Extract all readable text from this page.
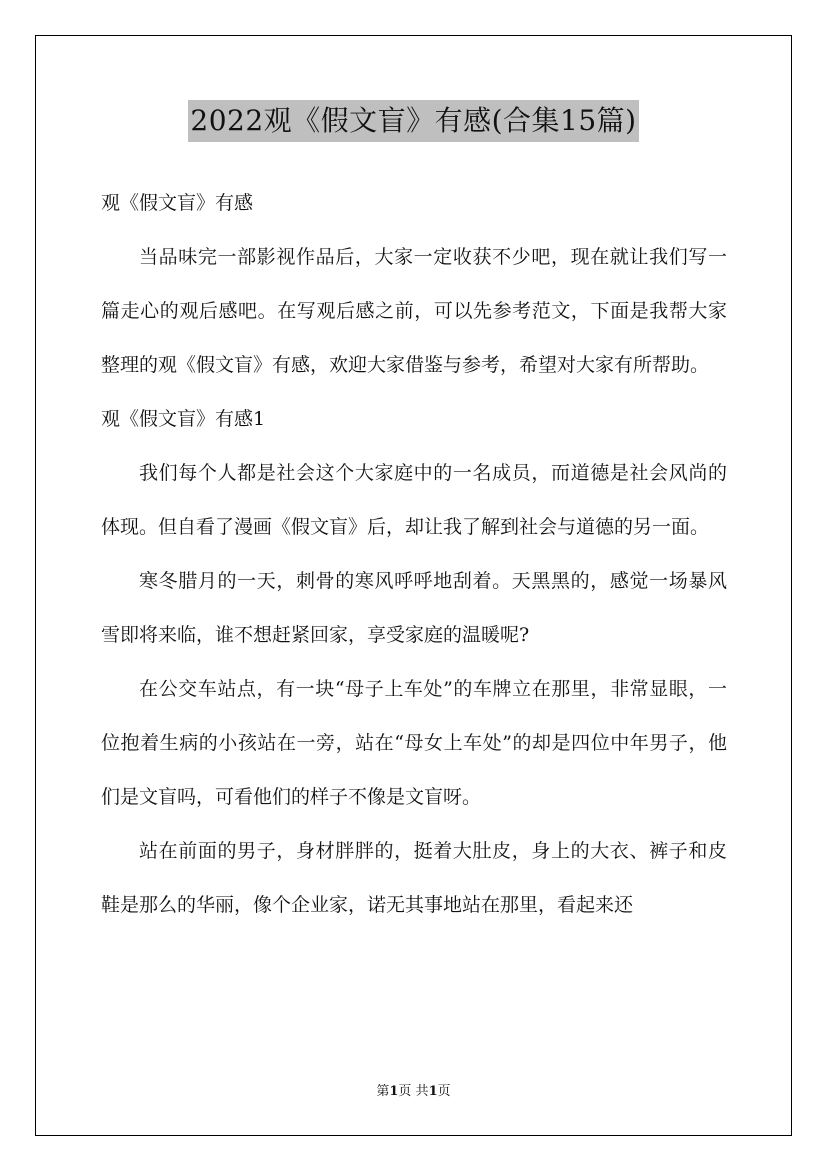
2022观《假文盲》有感(合集15篇)

观《假文盲》有感

当品味完一部影视作品后，大家一定收获不少吧，现在就让我们写一篇走心的观后感吧。在写观后感之前，可以先参考范文，下面是我帮大家整理的观《假文盲》有感，欢迎大家借鉴与参考，希望对大家有所帮助。

观《假文盲》有感1

我们每个人都是社会这个大家庭中的一名成员，而道德是社会风尚的体现。但自看了漫画《假文盲》后，却让我了解到社会与道德的另一面。

寒冬腊月的一天，刺骨的寒风呼呼地刮着。天黑黑的，感觉一场暴风雪即将来临，谁不想赶紧回家，享受家庭的温暖呢?

在公交车站点，有一块“母子上车处”的车牌立在那里，非常显眼，一位抱着生病的小孩站在一旁，站在“母女上车处”的却是四位中年男子，他们是文盲吗，可看他们的样子不像是文盲呀。

站在前面的男子，身材胖胖的，挺着大肚皮，身上的大衣、裤子和皮鞋是那么的华丽，像个企业家，诺无其事地站在那里，看起来还

第1页 共1页
